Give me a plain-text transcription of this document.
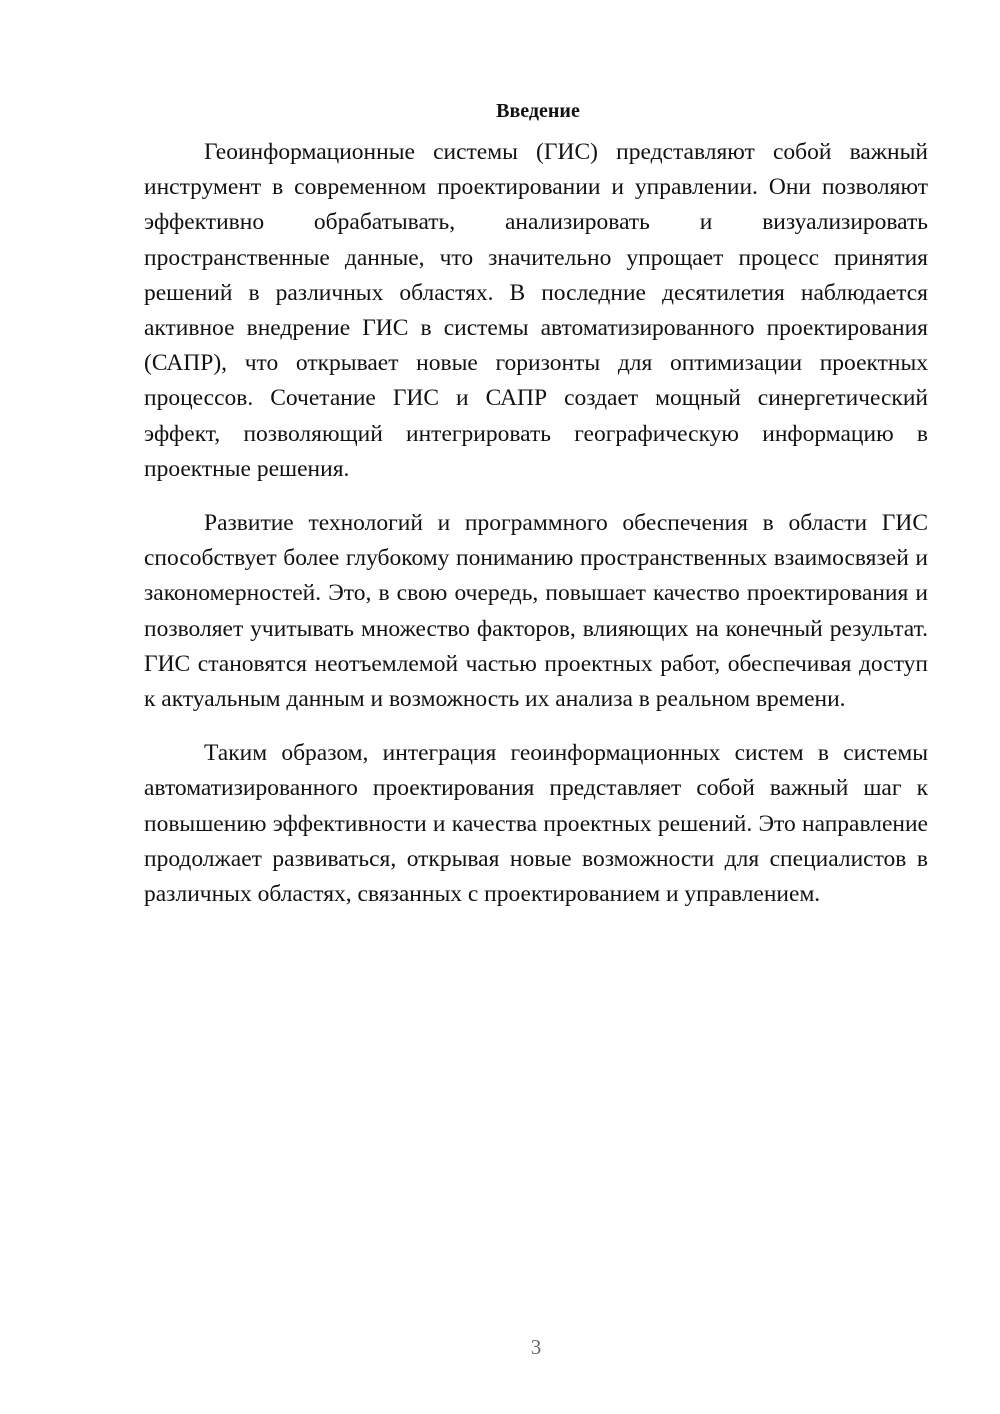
Введение

Геоинформационные системы (ГИС) представляют собой важный инструмент в современном проектировании и управлении. Они позволяют эффективно обрабатывать, анализировать и визуализировать пространственные данные, что значительно упрощает процесс принятия решений в различных областях. В последние десятилетия наблюдается активное внедрение ГИС в системы автоматизированного проектирования (САПР), что открывает новые горизонты для оптимизации проектных процессов. Сочетание ГИС и САПР создает мощный синергетический эффект, позволяющий интегрировать географическую информацию в проектные решения.

Развитие технологий и программного обеспечения в области ГИС способствует более глубокому пониманию пространственных взаимосвязей и закономерностей. Это, в свою очередь, повышает качество проектирования и позволяет учитывать множество факторов, влияющих на конечный результат. ГИС становятся неотъемлемой частью проектных работ, обеспечивая доступ к актуальным данным и возможность их анализа в реальном времени.

Таким образом, интеграция геоинформационных систем в системы автоматизированного проектирования представляет собой важный шаг к повышению эффективности и качества проектных решений. Это направление продолжает развиваться, открывая новые возможности для специалистов в различных областях, связанных с проектированием и управлением.

3
